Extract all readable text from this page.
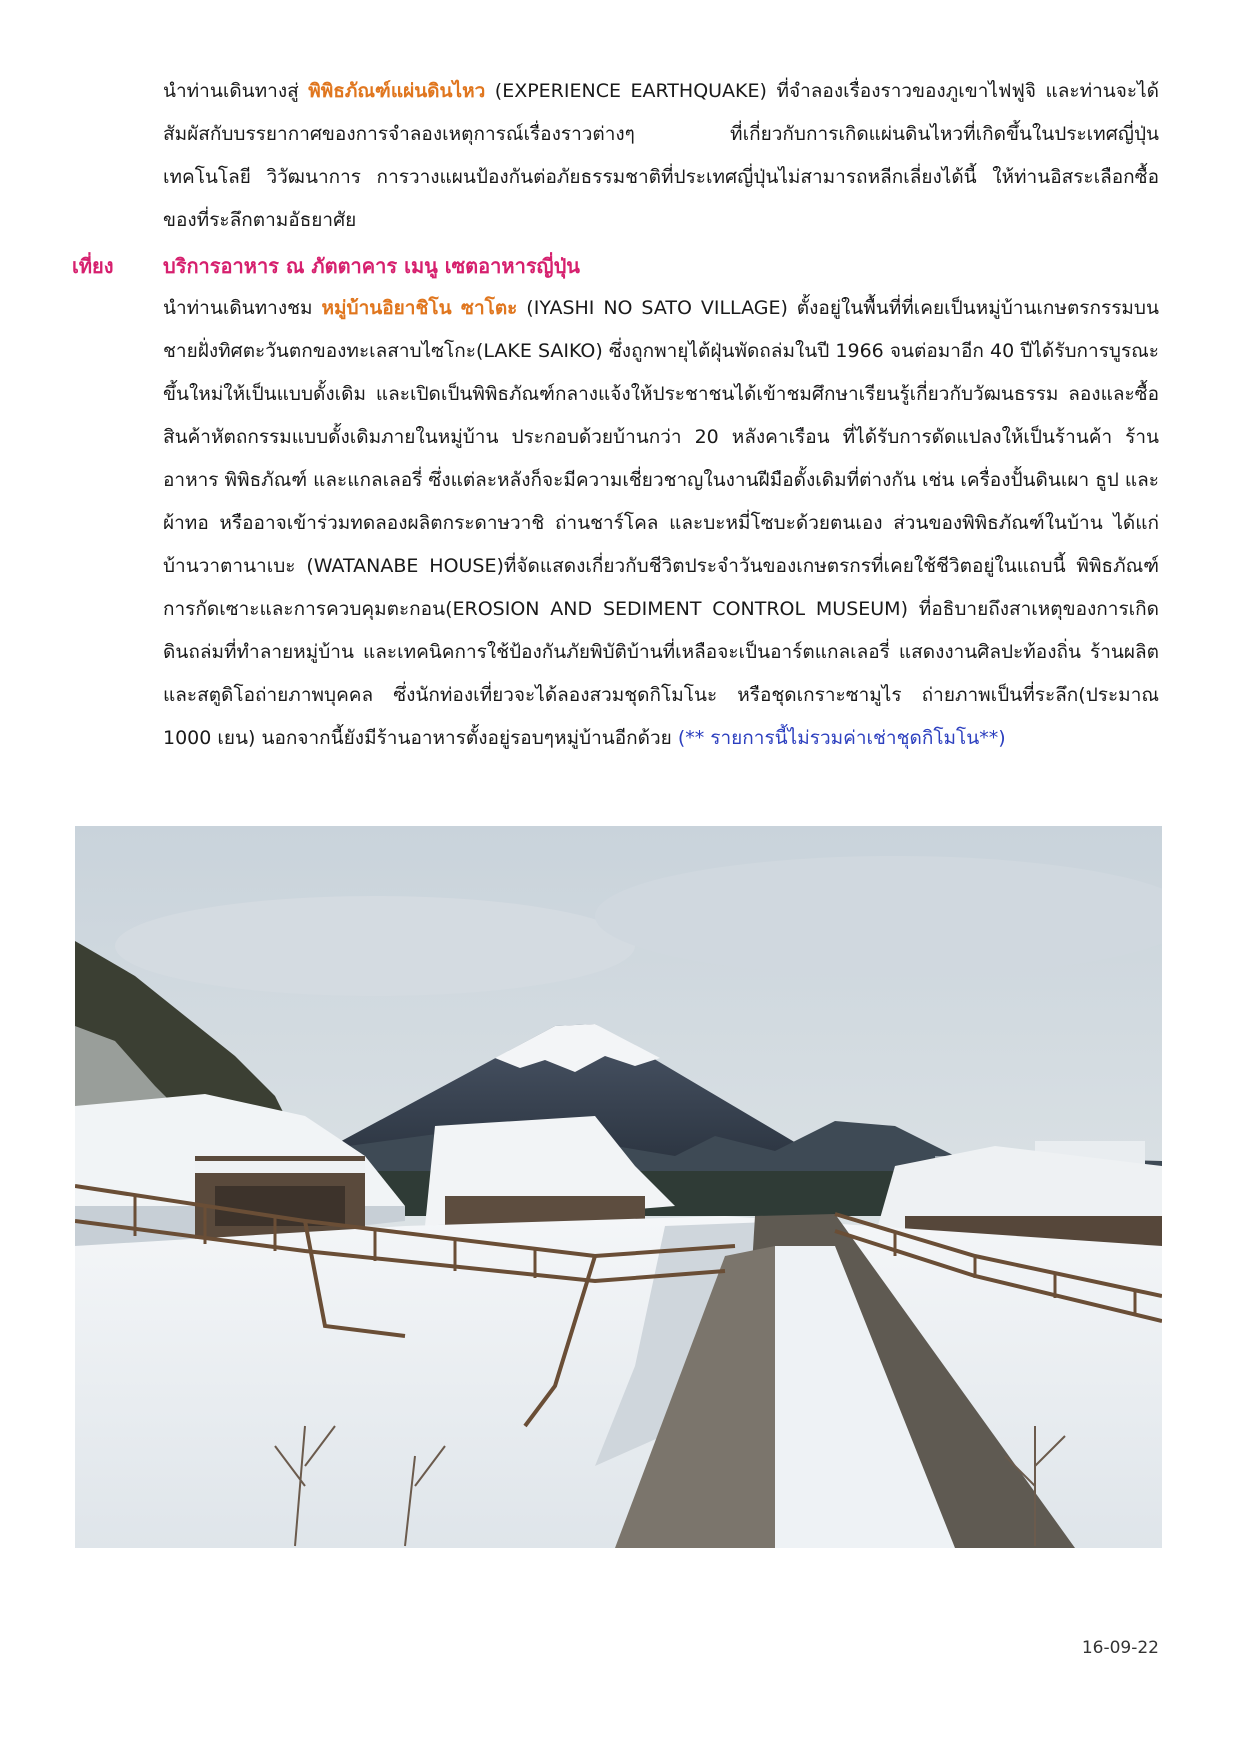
นำท่านเดินทางสู่ พิพิธภัณฑ์แผ่นดินไหว (EXPERIENCE EARTHQUAKE) ที่จำลองเรื่องราวของภูเขาไฟฟูจิ และท่านจะได้สัมผัสกับบรรยากาศของการจำลองเหตุการณ์เรื่องราวต่างๆ ที่เกี่ยวกับการเกิดแผ่นดินไหวที่เกิดขึ้นในประเทศญี่ปุ่น เทคโนโลยี วิวัฒนาการ การวางแผนป้องกันต่อภัยธรรมชาติที่ประเทศญี่ปุ่นไม่สามารถหลีกเลี่ยงได้นี้ ให้ท่านอิสระเลือกซื้อของที่ระลึกตามอัธยาศัย
เที่ยง บริการอาหาร ณ ภัตตาคาร เมนู เซตอาหารญี่ปุ่น
นำท่านเดินทางชม หมู่บ้านอิยาชิโน ซาโตะ (IYASHI NO SATO VILLAGE) ตั้งอยู่ในพื้นที่ที่เคยเป็นหมู่บ้านเกษตรกรรมบนชายฝั่งทิศตะวันตกของทะเลสาบไซโกะ(LAKE SAIKO) ซึ่งถูกพายุไต้ฝุ่นพัดถล่มในปี 1966 จนต่อมาอีก 40 ปีได้รับการบูรณะขึ้นใหม่ให้เป็นแบบดั้งเดิม และเปิดเป็นพิพิธภัณฑ์กลางแจ้งให้ประชาชนได้เข้าชมศึกษาเรียนรู้เกี่ยวกับวัฒนธรรม ลองและซื้อสินค้าหัตถกรรมแบบดั้งเดิมภายในหมู่บ้าน ประกอบด้วยบ้านกว่า 20 หลังคาเรือน ที่ได้รับการดัดแปลงให้เป็นร้านค้า ร้านอาหาร พิพิธภัณฑ์ และแกลเลอรี่ ซึ่งแต่ละหลังก็จะมีความเชี่ยวชาญในงานฝีมือดั้งเดิมที่ต่างกัน เช่น เครื่องปั้นดินเผา ธูป และผ้าทอ หรืออาจเข้าร่วมทดลองผลิตกระดาษวาชิ ถ่านชาร์โคล และบะหมี่โซบะด้วยตนเอง ส่วนของพิพิธภัณฑ์ในบ้าน ได้แก่ บ้านวาตานาเบะ (WATANABE HOUSE)ที่จัดแสดงเกี่ยวกับชีวิตประจำวันของเกษตรกรที่เคยใช้ชีวิตอยู่ในแถบนี้ พิพิธภัณฑ์การกัดเซาะและการควบคุมตะกอน(EROSION AND SEDIMENT CONTROL MUSEUM) ที่อธิบายถึงสาเหตุของการเกิดดินถล่มที่ทำลายหมู่บ้าน และเทคนิคการใช้ป้องกันภัยพิบัติบ้านที่เหลือจะเป็นอาร์ตแกลเลอรี่ แสดงงานศิลปะท้องถิ่น ร้านผลิต และสตูดิโอถ่ายภาพบุคคล ซึ่งนักท่องเที่ยวจะได้ลองสวมชุดกิโมโนะ หรือชุดเกราะซามูไร ถ่ายภาพเป็นที่ระลึก(ประมาณ 1000 เยน) นอกจากนี้ยังมีร้านอาหารตั้งอยู่รอบๆหมู่บ้านอีกด้วย (** รายการนี้ไม่รวมค่าเช่าชุดกิโมโน**)
16-09-22
